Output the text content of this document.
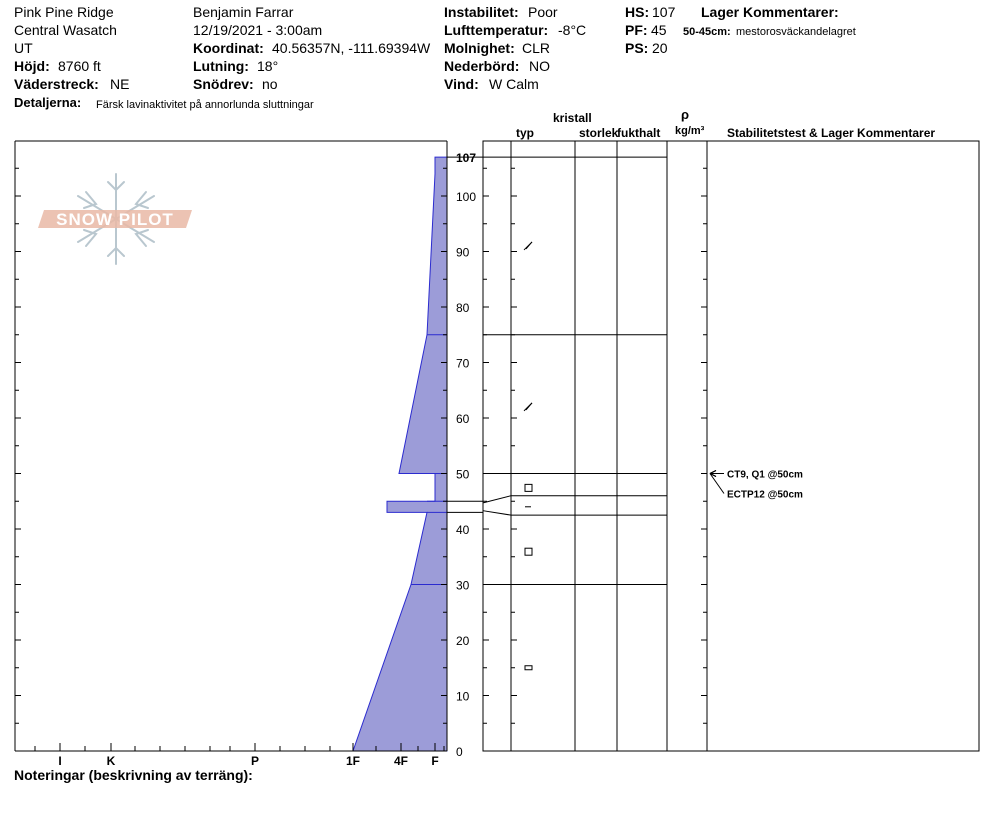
Pink Pine Ridge
Central Wasatch
UT
Höjd: 8760 ft
Väderstreck: NE
Detaljerna: Färsk lavinaktivitet på annorlunda sluttningar
Benjamin Farrar
12/19/2021 - 3:00am
Koordinat: 40.56357N, -111.69394W
Lutning: 18°
Snödrev: no
Instabilitet: Poor
Lufttemperatur: -8°C
Molnighet: CLR
Nederbörd: NO
Vind: W Calm
HS: 107
PF: 45
PS: 20
Lager Kommentarer:
50-45cm: mestorosväckandelagret
kristall
typ	storlek
fukthalt
ρ
kg/m³ Stabilitetstest & Lager Kommentarer
SNOW PILOT
0
10
20
30
40
50
60
70
80
90
100
107
I	K	P	1F	4F F
CT9, Q1 @50cm
ECTP12 @50cm
Noteringar (beskrivning av terräng):
